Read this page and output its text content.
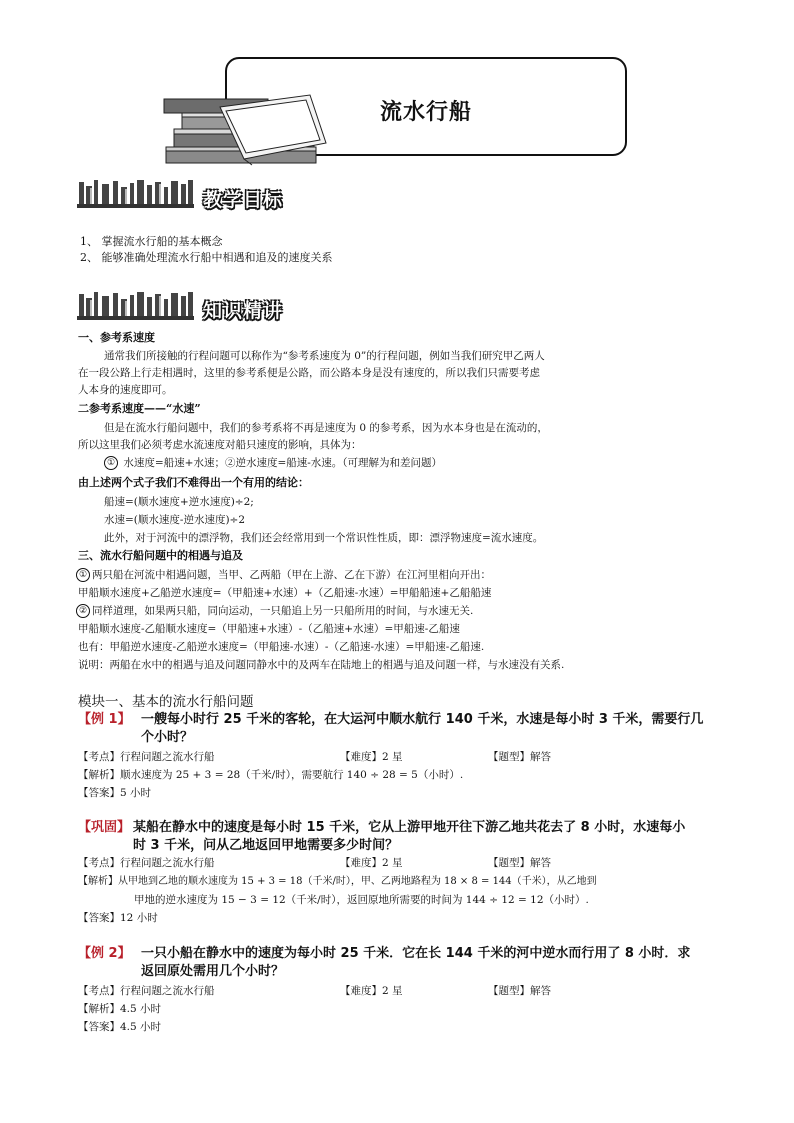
流水行船
教学目标
1、 掌握流水行船的基本概念
2、 能够准确处理流水行船中相遇和追及的速度关系
知识精讲
一、参考系速度
通常我们所接触的行程问题可以称作为“参考系速度为 0”的行程问题，例如当我们研究甲乙两人
在一段公路上行走相遇时，这里的参考系便是公路，而公路本身是没有速度的，所以我们只需要考虑
人本身的速度即可。
二参考系速度——“水速”
但是在流水行船问题中，我们的参考系将不再是速度为 0 的参考系，因为水本身也是在流动的，
所以这里我们必须考虑水流速度对船只速度的影响，具体为：
① 水速度=船速+水速；②逆水速度=船速-水速。（可理解为和差问题）
由上述两个式子我们不难得出一个有用的结论：
船速=(顺水速度+逆水速度)÷2;
水速=(顺水速度-逆水速度)÷2
此外，对于河流中的漂浮物，我们还会经常用到一个常识性性质，即：漂浮物速度=流水速度。
三、流水行船问题中的相遇与追及
① 两只船在河流中相遇问题，当甲、乙两船（甲在上游、乙在下游）在江河里相向开出：
甲船顺水速度+乙船逆水速度=（甲船速+水速）+（乙船速-水速）=甲船船速+乙船船速
② 同样道理，如果两只船，同向运动，一只船追上另一只船所用的时间，与水速无关.
甲船顺水速度-乙船顺水速度=（甲船速+水速）-（乙船速+水速）=甲船速-乙船速
也有：甲船逆水速度-乙船逆水速度=（甲船速-水速）-（乙船速-水速）=甲船速-乙船速.
说明：两船在水中的相遇与追及问题同静水中的及两车在陆地上的相遇与追及问题一样，与水速没有关系.
模块一、基本的流水行船问题
【例 1】 一艘每小时行 25 千米的客轮，在大运河中顺水航行 140 千米，水速是每小时 3 千米，需要行几
个小时？
【考点】行程问题之流水行船	【难度】2 星	【题型】解答
【解析】顺水速度为 25 + 3 = 28（千米/时），需要航行 140 ÷ 28 = 5（小时）.
【答案】5 小时
【巩固】 某船在静水中的速度是每小时 15 千米，它从上游甲地开往下游乙地共花去了 8 小时，水速每小
时 3 千米，问从乙地返回甲地需要多少时间？
【考点】行程问题之流水行船	【难度】2 星	【题型】解答
【解析】从甲地到乙地的顺水速度为 15 + 3 = 18（千米/时），甲、乙两地路程为 18 × 8 = 144（千米），从乙地到
甲地的逆水速度为 15 − 3 = 12（千米/时），返回原地所需要的时间为 144 ÷ 12 = 12（小时）.
【答案】12 小时
【例 2】 一只小船在静水中的速度为每小时 25 千米．它在长 144 千米的河中逆水而行用了 8 小时．求
返回原处需用几个小时？
【考点】行程问题之流水行船	【难度】2 星	【题型】解答
【解析】4.5 小时
【答案】4.5 小时
